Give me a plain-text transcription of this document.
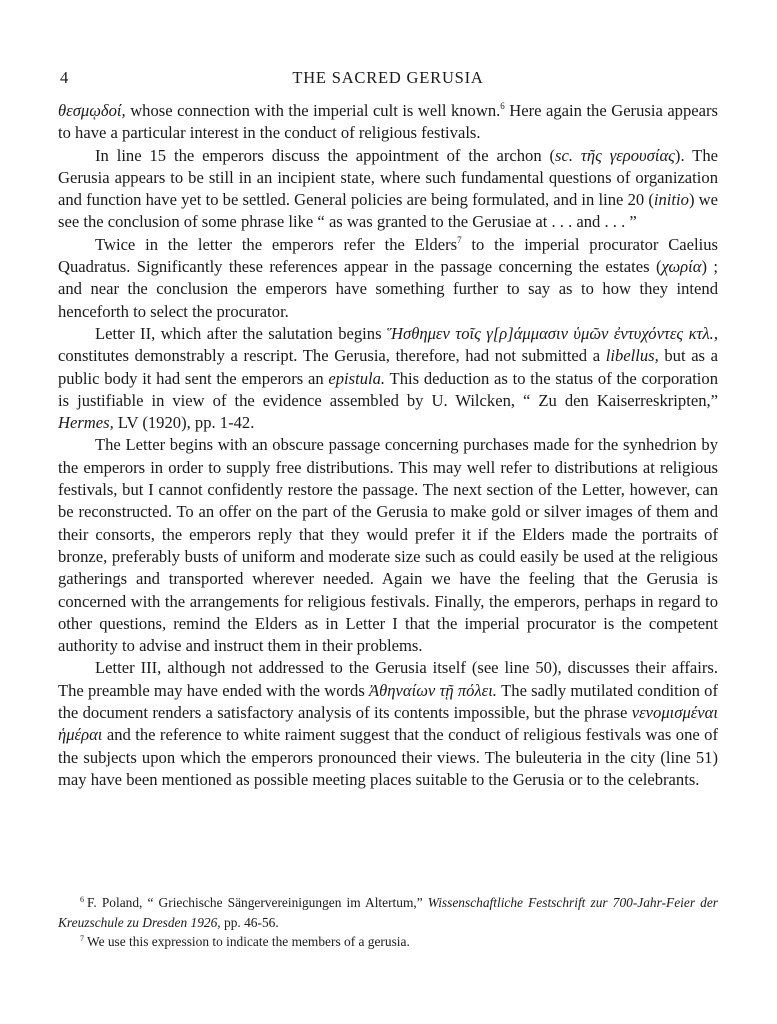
4	THE SACRED GERUSIA

θεσμῳδοί, whose connection with the imperial cult is well known.$^6$ Here again the Gerusia appears to have a particular interest in the conduct of religious festivals.

In line 15 the emperors discuss the appointment of the archon (sc. τῆς γερουσίας). The Gerusia appears to be still in an incipient state, where such fundamental questions of organization and function have yet to be settled. General policies are being formulated, and in line 20 (initio) we see the conclusion of some phrase like “ as was granted to the Gerusiae at . . . and . . . ”

Twice in the letter the emperors refer the Elders$^7$ to the imperial procurator Caelius Quadratus. Significantly these references appear in the passage concerning the estates (χωρία) ; and near the conclusion the emperors have something further to say as to how they intend henceforth to select the procurator.

Letter II, which after the salutation begins Ἥσθημεν τοῖς γ[ρ]άμμασιν ὑμῶν ἐντυχόντες κτλ., constitutes demonstrably a rescript. The Gerusia, therefore, had not submitted a libellus, but as a public body it had sent the emperors an epistula. This deduction as to the status of the corporation is justifiable in view of the evidence assembled by U. Wilcken, “ Zu den Kaiserreskripten,” Hermes, LV (1920), pp. 1-42.

The Letter begins with an obscure passage concerning purchases made for the synhedrion by the emperors in order to supply free distributions. This may well refer to distributions at religious festivals, but I cannot confidently restore the passage. The next section of the Letter, however, can be reconstructed. To an offer on the part of the Gerusia to make gold or silver images of them and their consorts, the emperors reply that they would prefer it if the Elders made the portraits of bronze, preferably busts of uniform and moderate size such as could easily be used at the religious gatherings and transported wherever needed. Again we have the feeling that the Gerusia is concerned with the arrangements for religious festivals. Finally, the emperors, perhaps in regard to other questions, remind the Elders as in Letter I that the imperial procurator is the competent authority to advise and instruct them in their problems.

Letter III, although not addressed to the Gerusia itself (see line 50), discusses their affairs. The preamble may have ended with the words Ἀθηναίων τῇ πόλει. The sadly mutilated condition of the document renders a satisfactory analysis of its contents impossible, but the phrase νενομισμέναι ἡμέραι and the reference to white raiment suggest that the conduct of religious festivals was one of the subjects upon which the emperors pronounced their views. The buleuteria in the city (line 51) may have been mentioned as possible meeting places suitable to the Gerusia or to the celebrants.

$^6$ F. Poland, “ Griechische Sängervereinigungen im Altertum,” Wissenschaftliche Festschrift zur 700-Jahr-Feier der Kreuzschule zu Dresden 1926, pp. 46-56.

$^7$ We use this expression to indicate the members of a gerusia.
